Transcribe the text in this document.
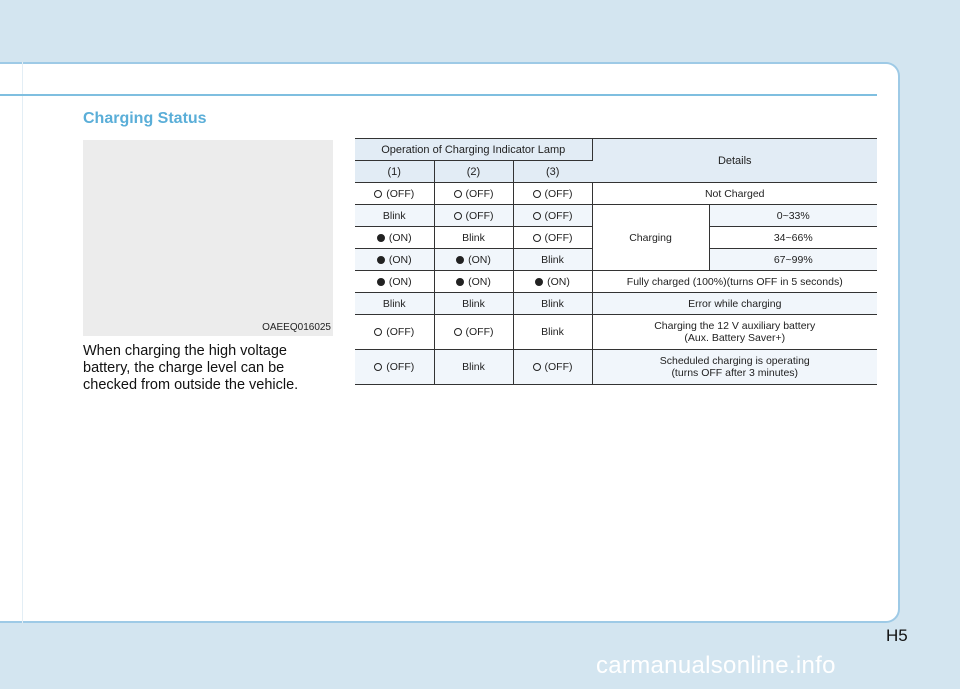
Charging Status
OAEEQ016025
When charging the high voltage battery, the charge level can be checked from outside the vehicle.
Operation of Charging Indicator Lamp			Details	
(1)	(2)	(3)		
(OFF)	(OFF)	(OFF)	Not Charged	
Blink	(OFF)	(OFF)	Charging	0~33%
(ON)	Blink	(OFF)		34~66%
(ON)	(ON)	Blink		67~99%
(ON)	(ON)	(ON)	Fully charged (100%)(turns OFF in 5 seconds)	
Blink	Blink	Blink	Error while charging	
(OFF)	(OFF)	Blink	Charging the 12 V auxiliary battery
(Aux. Battery Saver+)	

(OFF)	Blink	(OFF)	Scheduled charging is operating
(turns OFF after 3 minutes)	
H5
carmanualsonline.info
